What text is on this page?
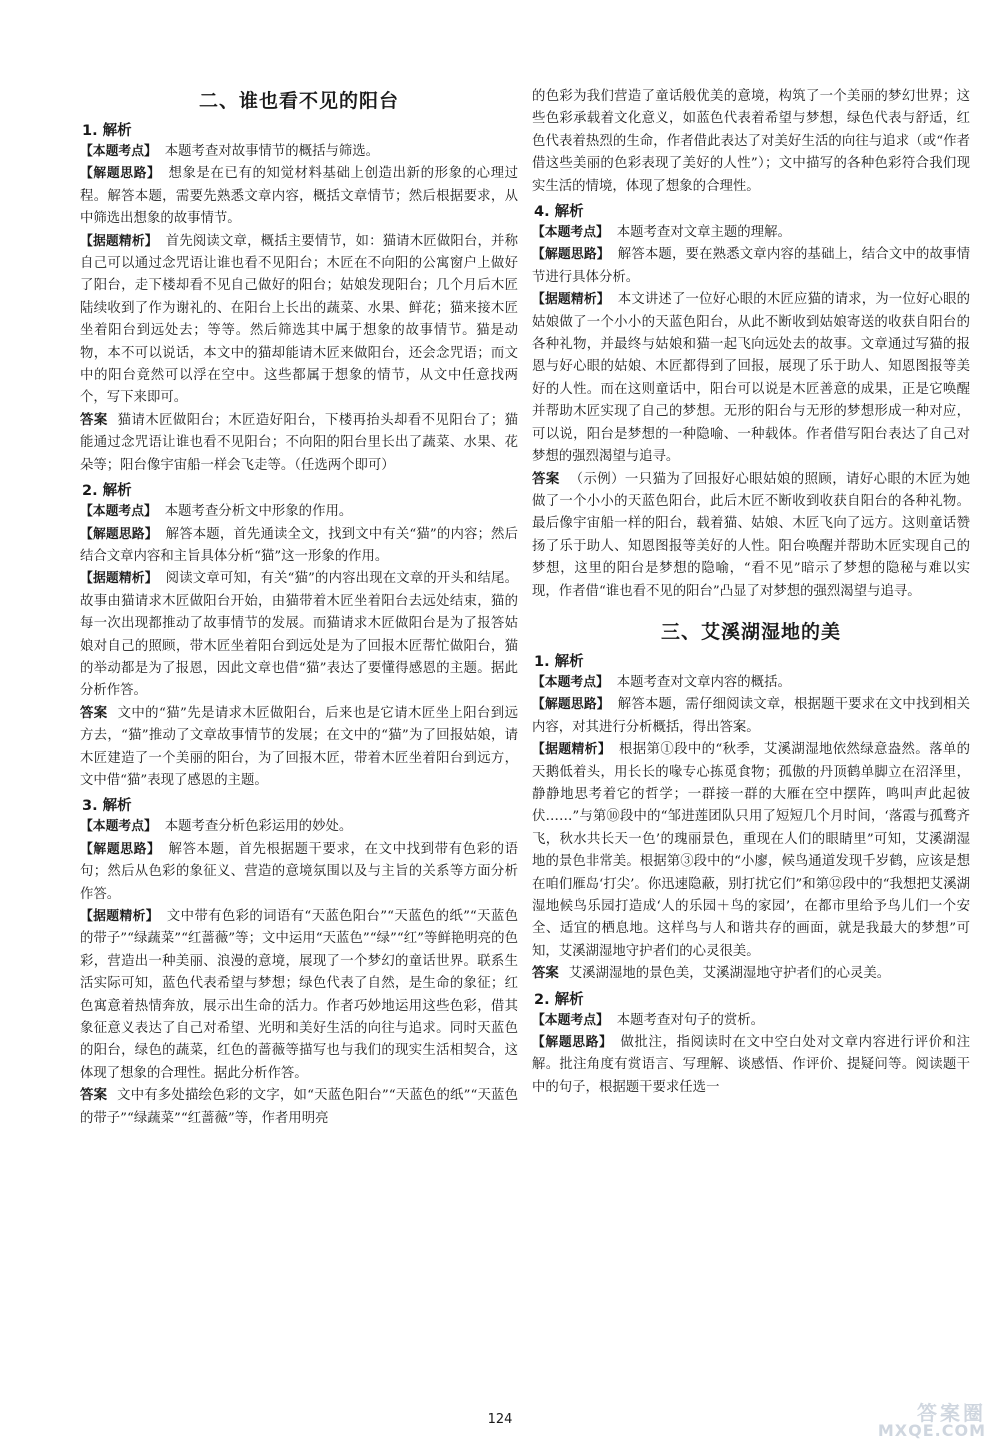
二、谁也看不见的阳台
1. 解析

【本题考点】 本题考查对故事情节的概括与筛选。

【解题思路】 想象是在已有的知觉材料基础上创造出新的形象的心理过程。解答本题，需要先熟悉文章内容，概括文章情节；然后根据要求，从中筛选出想象的故事情节。

【据题精析】 首先阅读文章，概括主要情节，如：猫请木匠做阳台，并称自己可以通过念咒语让谁也看不见阳台；木匠在不向阳的公寓窗户上做好了阳台，走下楼却看不见自己做好的阳台；姑娘发现阳台；几个月后木匠陆续收到了作为谢礼的、在阳台上长出的蔬菜、水果、鲜花；猫来接木匠坐着阳台到远处去；等等。然后筛选其中属于想象的故事情节。猫是动物，本不可以说话，本文中的猫却能请木匠来做阳台，还会念咒语；而文中的阳台竟然可以浮在空中。这些都属于想象的情节，从文中任意找两个，写下来即可。

答案 猫请木匠做阳台；木匠造好阳台，下楼再抬头却看不见阳台了；猫能通过念咒语让谁也看不见阳台；不向阳的阳台里长出了蔬菜、水果、花朵等；阳台像宇宙船一样会飞走等。（任选两个即可）

2. 解析

【本题考点】 本题考查分析文中形象的作用。

【解题思路】 解答本题，首先通读全文，找到文中有关“猫”的内容；然后结合文章内容和主旨具体分析“猫”这一形象的作用。

【据题精析】 阅读文章可知，有关“猫”的内容出现在文章的开头和结尾。故事由猫请求木匠做阳台开始，由猫带着木匠坐着阳台去远处结束，猫的每一次出现都推动了故事情节的发展。而猫请求木匠做阳台是为了报答姑娘对自己的照顾，带木匠坐着阳台到远处是为了回报木匠帮忙做阳台，猫的举动都是为了报恩，因此文章也借“猫”表达了要懂得感恩的主题。据此分析作答。

答案 文中的“猫”先是请求木匠做阳台，后来也是它请木匠坐上阳台到远方去，“猫”推动了文章故事情节的发展；在文中的“猫”为了回报姑娘，请木匠建造了一个美丽的阳台，为了回报木匠，带着木匠坐着阳台到远方，文中借“猫”表现了感恩的主题。

3. 解析

【本题考点】 本题考查分析色彩运用的妙处。

【解题思路】 解答本题，首先根据题干要求，在文中找到带有色彩的语句；然后从色彩的象征义、营造的意境氛围以及与主旨的关系等方面分析作答。

【据题精析】 文中带有色彩的词语有“天蓝色阳台”“天蓝色的纸”“天蓝色的带子”“绿蔬菜”“红蔷薇”等；文中运用“天蓝色”“绿”“红”等鲜艳明亮的色彩，营造出一种美丽、浪漫的意境，展现了一个梦幻的童话世界。联系生活实际可知，蓝色代表希望与梦想；绿色代表了自然，是生命的象征；红色寓意着热情奔放，展示出生命的活力。作者巧妙地运用这些色彩，借其象征意义表达了自己对希望、光明和美好生活的向往与追求。同时天蓝色的阳台，绿色的蔬菜，红色的蔷薇等描写也与我们的现实生活相契合，这体现了想象的合理性。据此分析作答。

答案 文中有多处描绘色彩的文字，如“天蓝色阳台”“天蓝色的纸”“天蓝色的带子”“绿蔬菜”“红蔷薇”等，作者用明亮

的色彩为我们营造了童话般优美的意境，构筑了一个美丽的梦幻世界；这些色彩承载着文化意义，如蓝色代表着希望与梦想，绿色代表与舒适，红色代表着热烈的生命，作者借此表达了对美好生活的向往与追求（或“作者借这些美丽的色彩表现了美好的人性”）；文中描写的各种色彩符合我们现实生活的情境，体现了想象的合理性。

4. 解析

【本题考点】 本题考查对文章主题的理解。

【解题思路】 解答本题，要在熟悉文章内容的基础上，结合文中的故事情节进行具体分析。

【据题精析】 本文讲述了一位好心眼的木匠应猫的请求，为一位好心眼的姑娘做了一个小小的天蓝色阳台，从此不断收到姑娘寄送的收获自阳台的各种礼物，并最终与姑娘和猫一起飞向远处去的故事。文章通过写猫的报恩与好心眼的姑娘、木匠都得到了回报，展现了乐于助人、知恩图报等美好的人性。而在这则童话中，阳台可以说是木匠善意的成果，正是它唤醒并帮助木匠实现了自己的梦想。无形的阳台与无形的梦想形成一种对应，可以说，阳台是梦想的一种隐喻、一种载体。作者借写阳台表达了自己对梦想的强烈渴望与追寻。

答案 （示例）一只猫为了回报好心眼姑娘的照顾，请好心眼的木匠为她做了一个小小的天蓝色阳台，此后木匠不断收到收获自阳台的各种礼物。最后像宇宙船一样的阳台，载着猫、姑娘、木匠飞向了远方。这则童话赞扬了乐于助人、知恩图报等美好的人性。阳台唤醒并帮助木匠实现自己的梦想，这里的阳台是梦想的隐喻，“看不见”暗示了梦想的隐秘与难以实现，作者借“谁也看不见的阳台”凸显了对梦想的强烈渴望与追寻。

三、艾溪湖湿地的美
1. 解析

【本题考点】 本题考查对文章内容的概括。

【解题思路】 解答本题，需仔细阅读文章，根据题干要求在文中找到相关内容，对其进行分析概括，得出答案。

【据题精析】 根据第①段中的“秋季，艾溪湖湿地依然绿意盎然。落单的天鹅低着头，用长长的喙专心拣觅食物；孤傲的丹顶鹤单脚立在沼泽里，静静地思考着它的哲学；一群接一群的大雁在空中摆阵，鸣叫声此起彼伏……”与第⑩段中的“邹进莲团队只用了短短几个月时间，‘落霞与孤鹜齐飞，秋水共长天一色’的瑰丽景色，重现在人们的眼睛里”可知，艾溪湖湿地的景色非常美。根据第③段中的“小廖，候鸟通道发现千岁鹤，应该是想在咱们雁岛‘打尖’。你迅速隐蔽，别打扰它们”和第⑫段中的“我想把艾溪湖湿地候鸟乐园打造成‘人的乐园＋鸟的家园’，在都市里给予鸟儿们一个安全、适宜的栖息地。这样鸟与人和谐共存的画面，就是我最大的梦想”可知，艾溪湖湿地守护者们的心灵很美。

答案 艾溪湖湿地的景色美，艾溪湖湿地守护者们的心灵美。

2. 解析

【本题考点】 本题考查对句子的赏析。

【解题思路】 做批注，指阅读时在文中空白处对文章内容进行评价和注解。批注角度有赏语言、写理解、谈感悟、作评价、提疑问等。阅读题干中的句子，根据题干要求任选一

124	答案圈
MXQE.COM
